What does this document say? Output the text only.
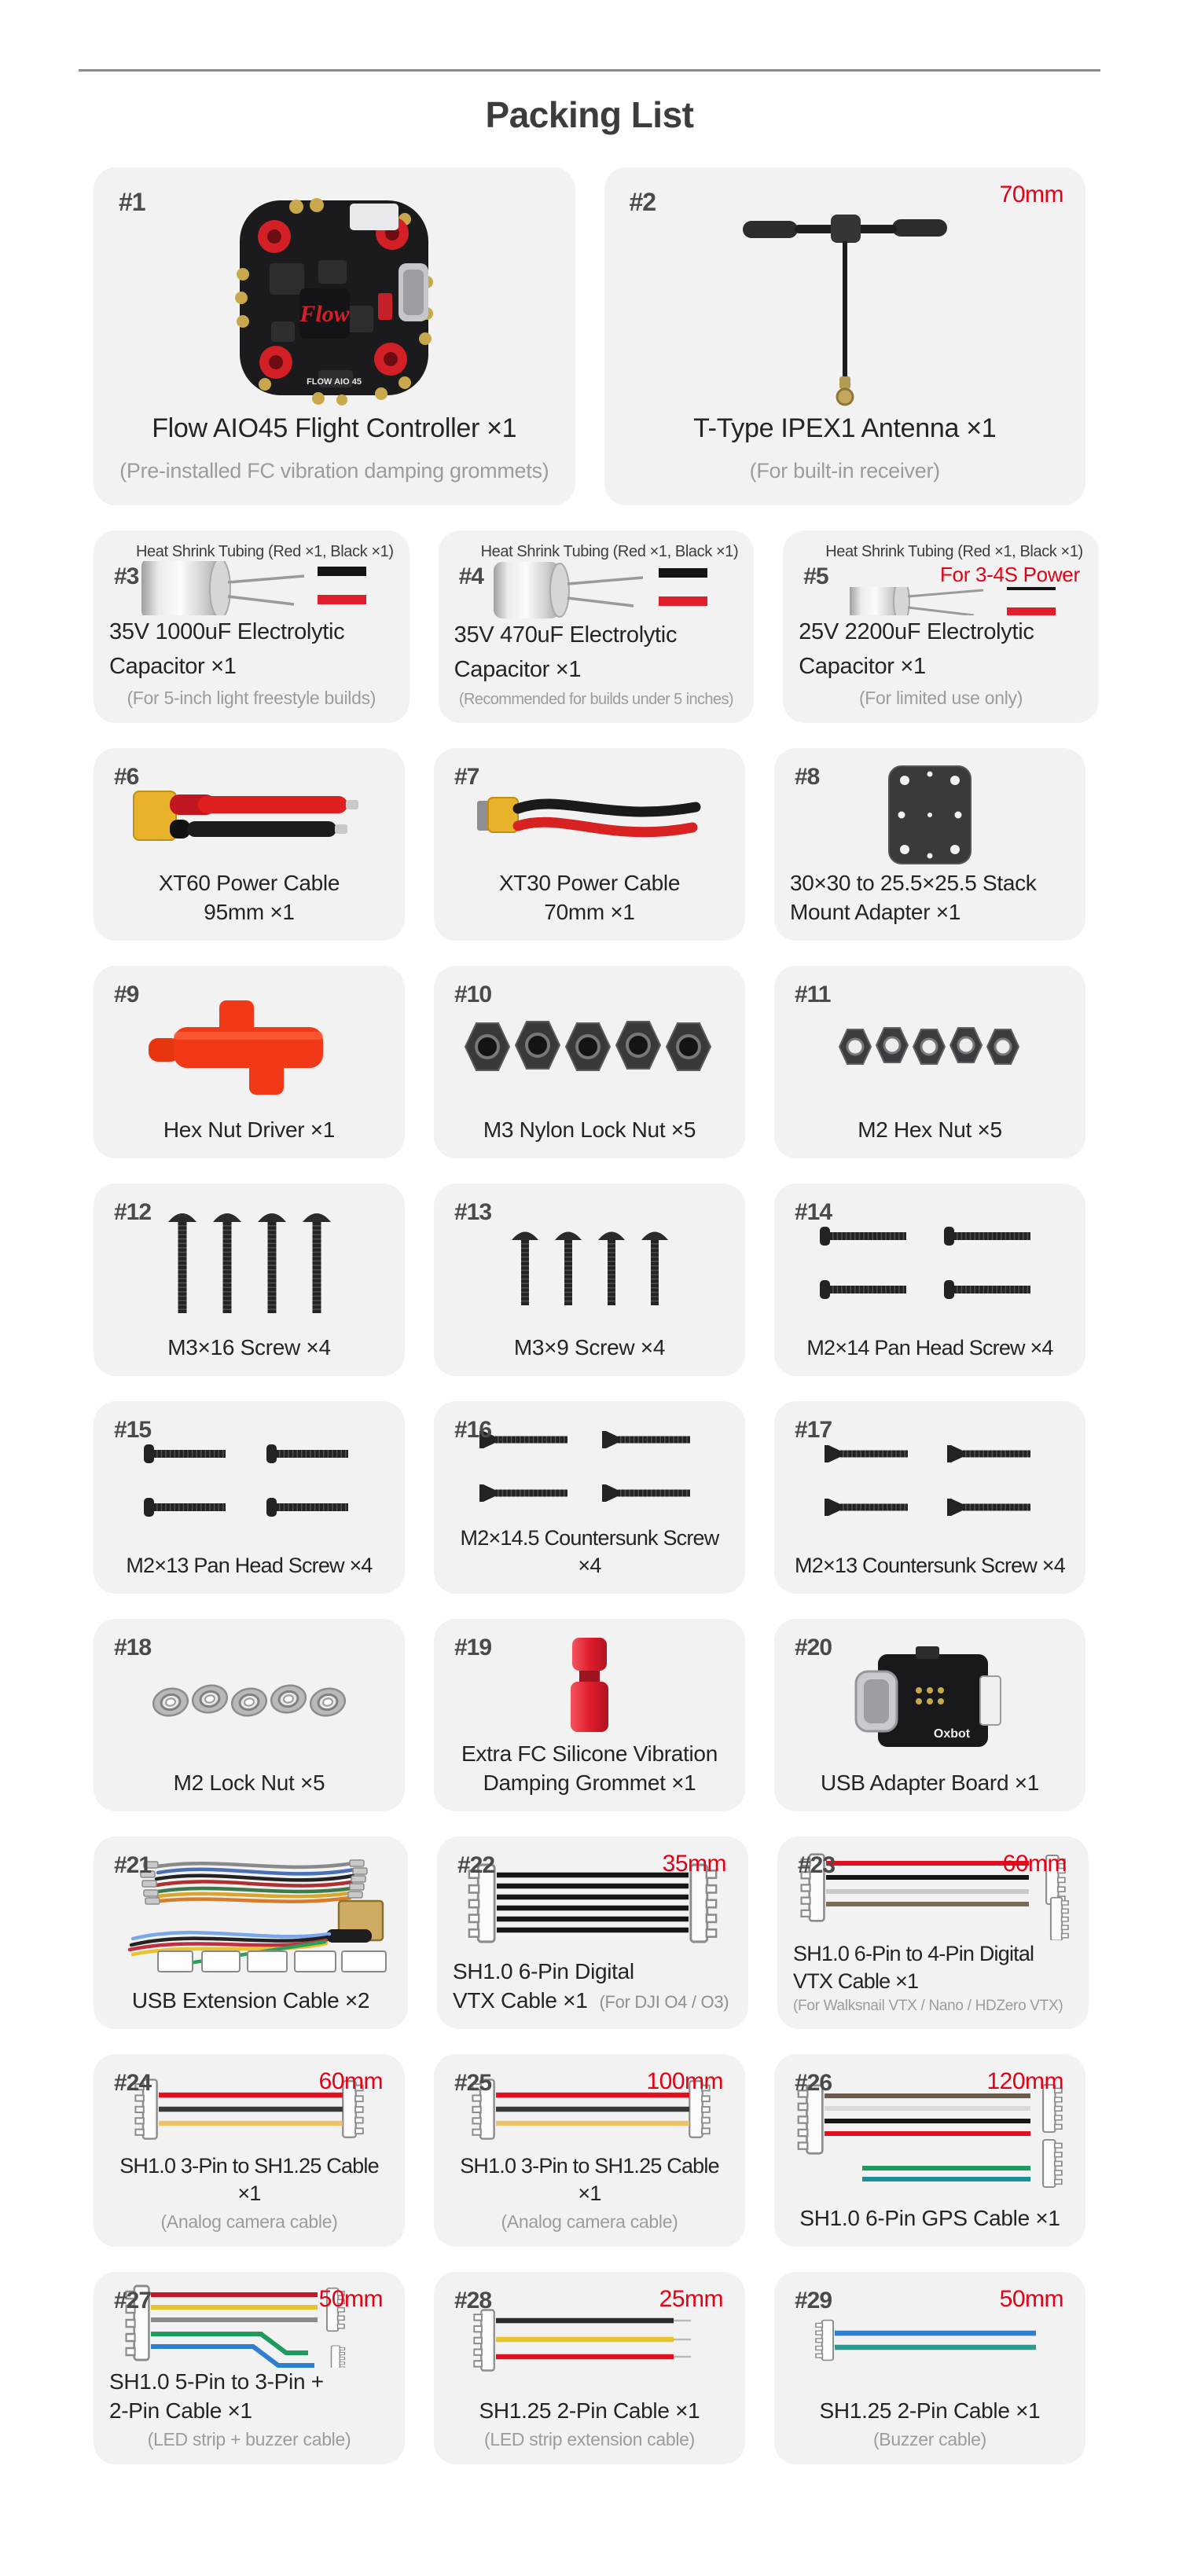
Packing List
#1
Flow
FLOW AIO 45
Flow AIO45 Flight Controller ×1
(Pre-installed FC vibration damping grommets)
#2	70mm
T-Type IPEX1 Antenna ×1
(For built-in receiver)
#3
Heat Shrink Tubing (Red ×1, Black ×1)
35V 1000uF Electrolytic Capacitor ×1
(For 5-inch light freestyle builds)
#4
Heat Shrink Tubing (Red ×1, Black ×1)
35V 470uF Electrolytic Capacitor ×1
(Recommended for builds under 5 inches)
#5
Heat Shrink Tubing (Red ×1, Black ×1)
For 3-4S Power
25V 2200uF Electrolytic Capacitor ×1
(For limited use only)
#6
XT60 Power Cable
95mm ×1
#7
XT30 Power Cable
70mm ×1
#8
30×30 to 25.5×25.5 Stack Mount Adapter ×1
#9
Hex Nut Driver ×1
#10
M3 Nylon Lock Nut ×5
#11
M2 Hex Nut ×5
#12
M3×16 Screw ×4
#13
M3×9 Screw ×4
#14
M2×14 Pan Head Screw ×4
#15
M2×13 Pan Head Screw ×4
#16
M2×14.5 Countersunk Screw ×4
#17
M2×13 Countersunk Screw ×4
#18
M2 Lock Nut ×5
#19
Extra FC Silicone Vibration Damping Grommet ×1
#20
Oxbot
USB Adapter Board ×1
#21
USB Extension Cable ×2
#22	35mm
SH1.0 6-Pin Digital
VTX Cable ×1 (For DJI O4 / O3)
#23	60mm
SH1.0 6-Pin to 4-Pin Digital VTX Cable ×1
(For Walksnail VTX / Nano / HDZero VTX)
#24	60mm
SH1.0 3-Pin to SH1.25 Cable ×1
(Analog camera cable)
#25	100mm
SH1.0 3-Pin to SH1.25 Cable ×1
(Analog camera cable)
#26	120mm
SH1.0 6-Pin GPS Cable ×1
#27	50mm
SH1.0 5-Pin to 3-Pin +
2-Pin Cable ×1
(LED strip + buzzer cable)
#28	25mm
SH1.25 2-Pin Cable ×1
(LED strip extension cable)
#29	50mm
SH1.25 2-Pin Cable ×1
(Buzzer cable)
